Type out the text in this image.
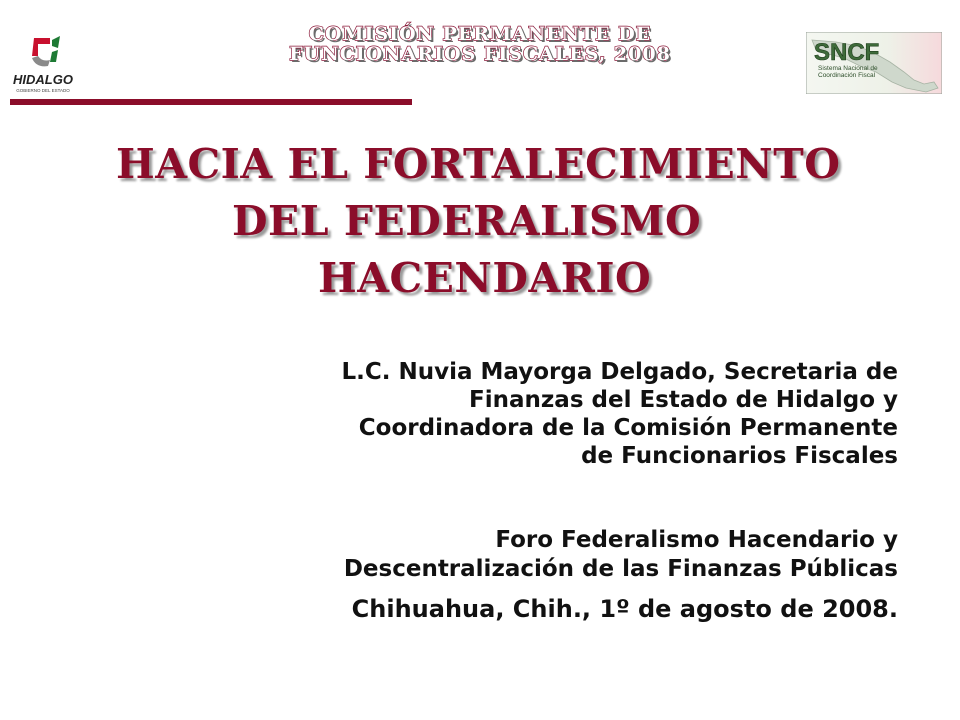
COMISIÓN PERMANENTE DE
FUNCIONARIOS FISCALES, 2008
HIDALGO
GOBIERNO DEL ESTADO
SNCF
Sistema Nacional de
Coordinación Fiscal
HACIA EL FORTALECIMIENTO
DEL FEDERALISMO
HACENDARIO
L.C. Nuvia Mayorga Delgado, Secretaria de
Finanzas del Estado de Hidalgo y
Coordinadora de la Comisión Permanente
de Funcionarios Fiscales
Foro Federalismo Hacendario y
Descentralización de las Finanzas Públicas
Chihuahua, Chih., 1º de agosto de 2008.
